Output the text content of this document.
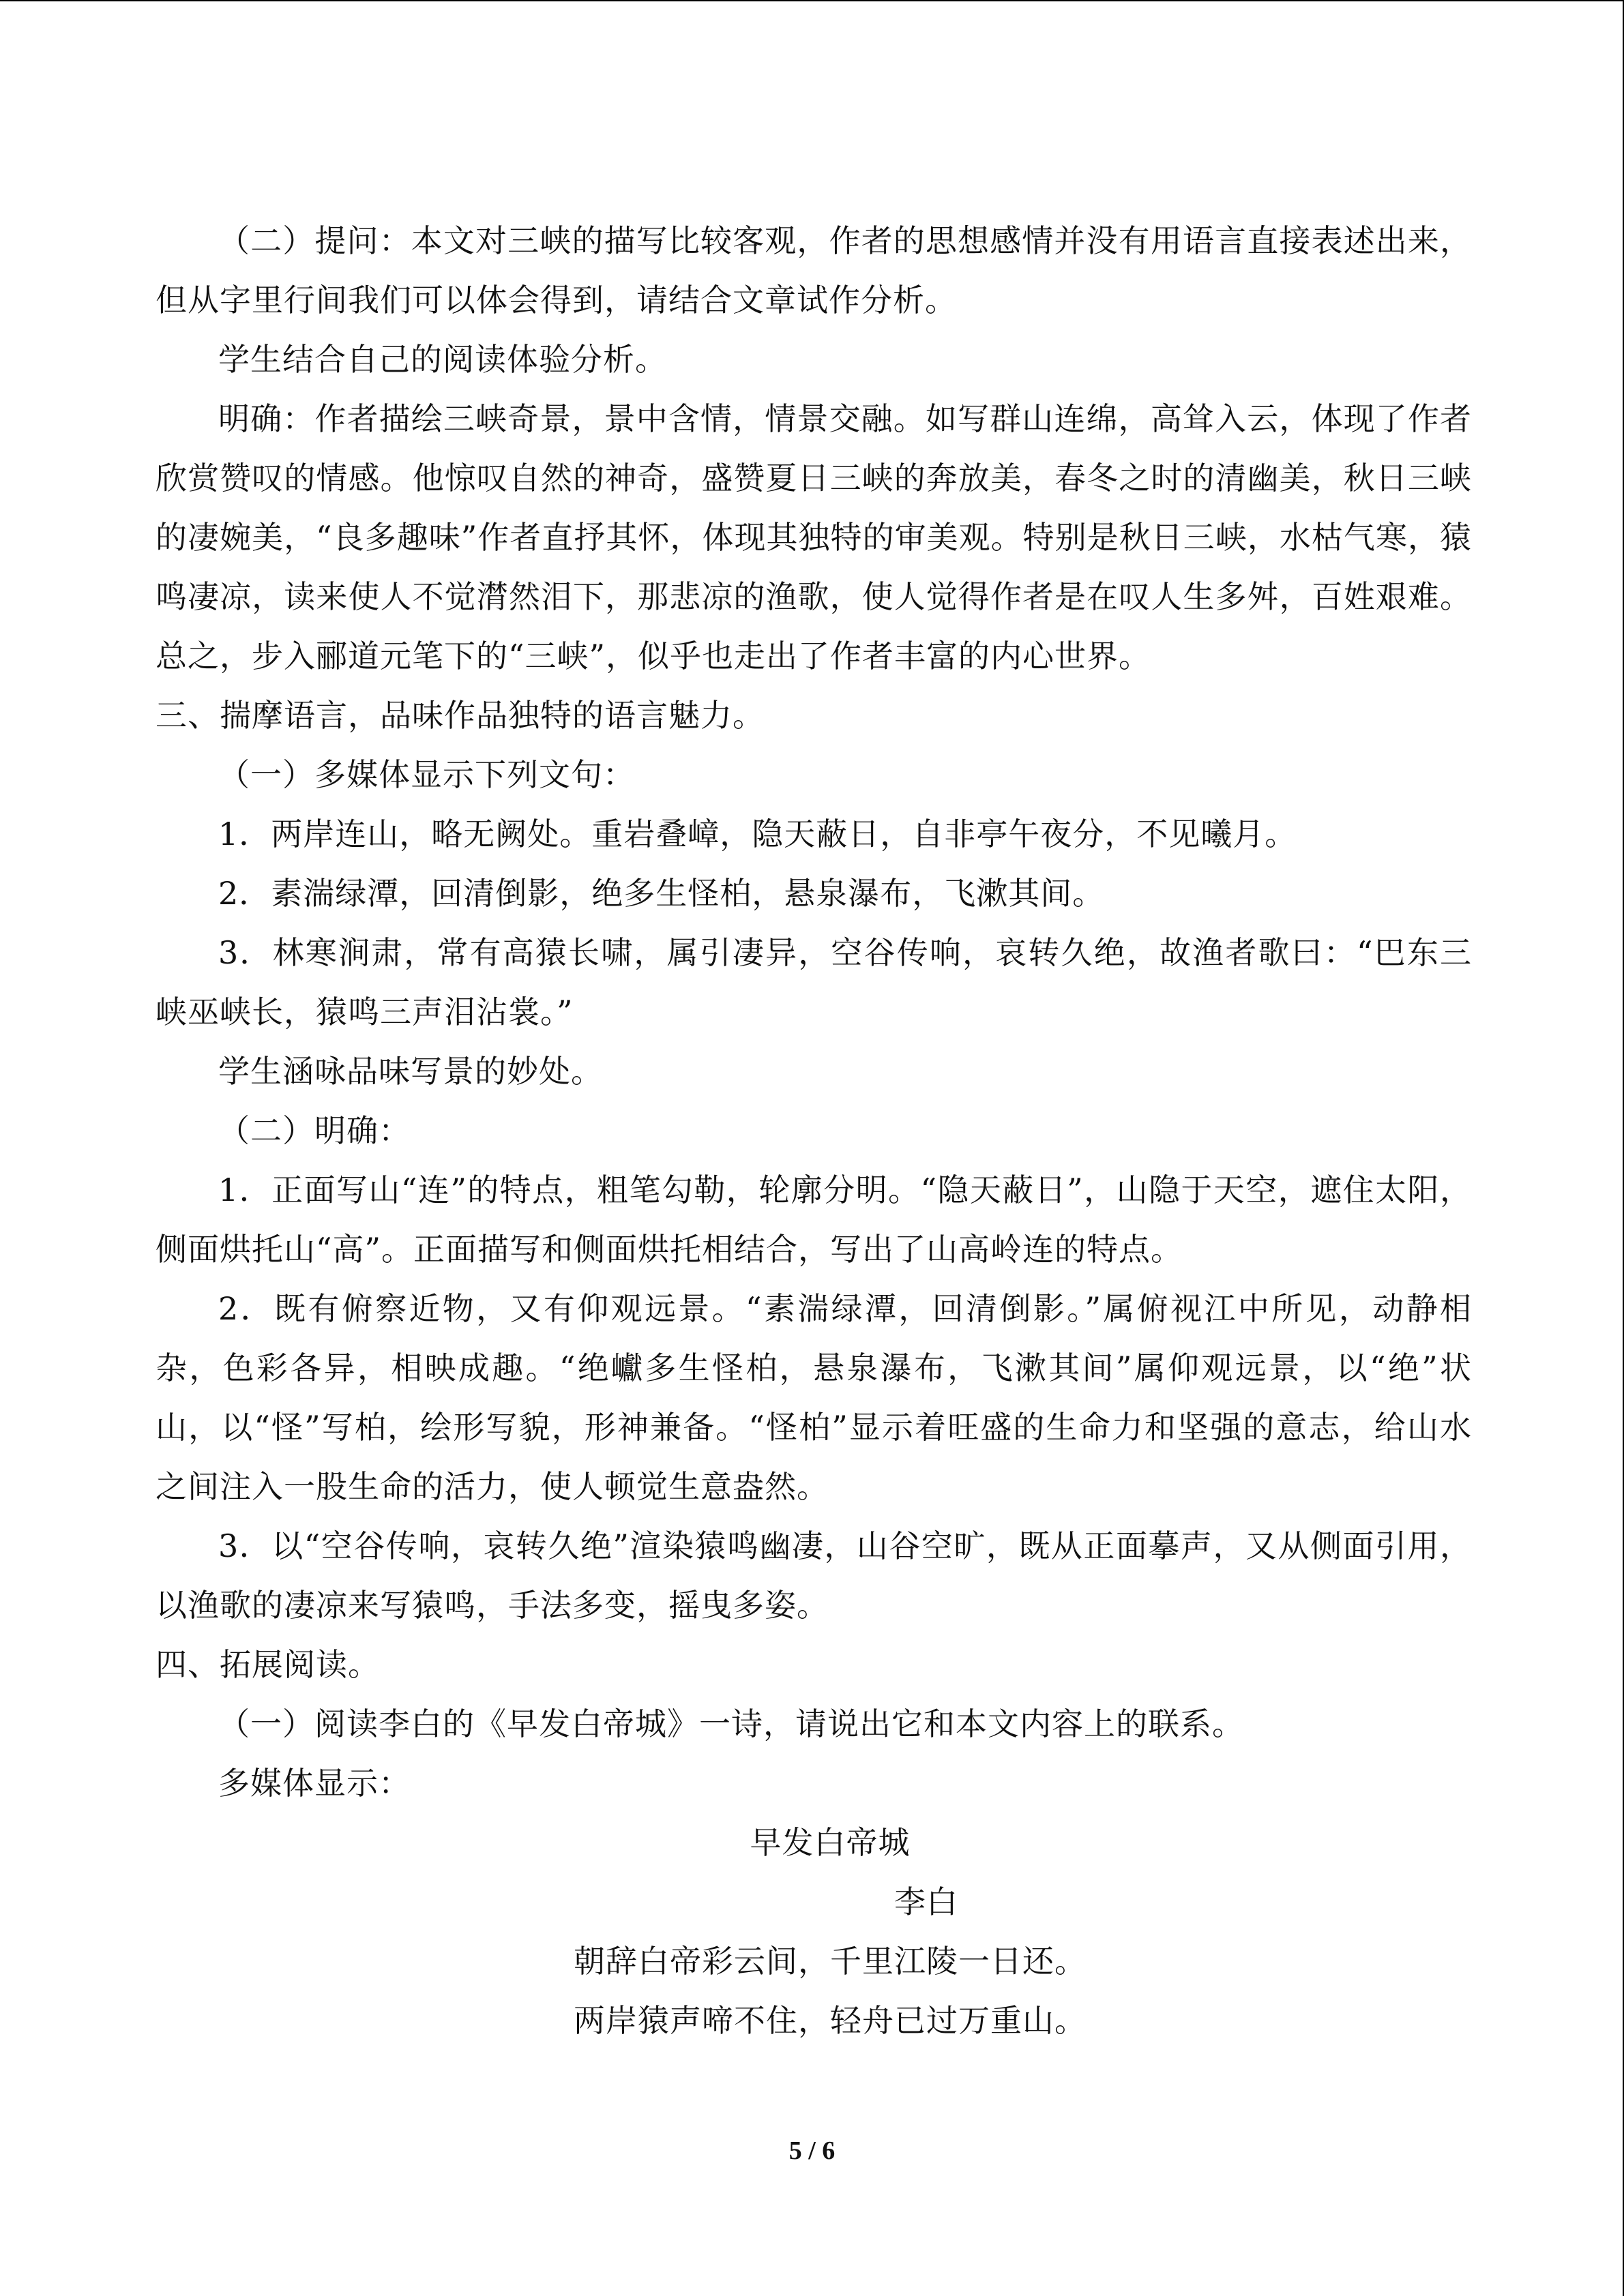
（二）提问：本文对三峡的描写比较客观，作者的思想感情并没有用语言直接表述出来，但从字里行间我们可以体会得到，请结合文章试作分析。

学生结合自己的阅读体验分析。

明确：作者描绘三峡奇景，景中含情，情景交融。如写群山连绵，高耸入云，体现了作者欣赏赞叹的情感。他惊叹自然的神奇，盛赞夏日三峡的奔放美，春冬之时的清幽美，秋日三峡的凄婉美，“良多趣味”作者直抒其怀，体现其独特的审美观。特别是秋日三峡，水枯气寒，猿鸣凄凉，读来使人不觉潸然泪下，那悲凉的渔歌，使人觉得作者是在叹人生多舛，百姓艰难。总之，步入郦道元笔下的“三峡”，似乎也走出了作者丰富的内心世界。

三、揣摩语言，品味作品独特的语言魅力。

（一）多媒体显示下列文句：

1．两岸连山，略无阙处。重岩叠嶂，隐天蔽日，自非亭午夜分，不见曦月。

2．素湍绿潭，回清倒影，绝多生怪柏，悬泉瀑布，飞漱其间。

3．林寒涧肃，常有高猿长啸，属引凄异，空谷传响，哀转久绝，故渔者歌曰：“巴东三峡巫峡长，猿鸣三声泪沾裳。”

学生涵咏品味写景的妙处。

（二）明确：

1．正面写山“连”的特点，粗笔勾勒，轮廓分明。“隐天蔽日”，山隐于天空，遮住太阳，侧面烘托山“高”。正面描写和侧面烘托相结合，写出了山高岭连的特点。

2．既有俯察近物，又有仰观远景。“素湍绿潭，回清倒影。”属俯视江中所见，动静相杂，色彩各异，相映成趣。“绝巘多生怪柏，悬泉瀑布，飞漱其间”属仰观远景，以“绝”状山，以“怪”写柏，绘形写貌，形神兼备。“怪柏”显示着旺盛的生命力和坚强的意志，给山水之间注入一股生命的活力，使人顿觉生意盎然。

3．以“空谷传响，哀转久绝”渲染猿鸣幽凄，山谷空旷，既从正面摹声，又从侧面引用，以渔歌的凄凉来写猿鸣，手法多变，摇曳多姿。

四、拓展阅读。

（一）阅读李白的《早发白帝城》一诗，请说出它和本文内容上的联系。

多媒体显示：

早发白帝城

李白

朝辞白帝彩云间，千里江陵一日还。

两岸猿声啼不住，轻舟已过万重山。

5 / 6
